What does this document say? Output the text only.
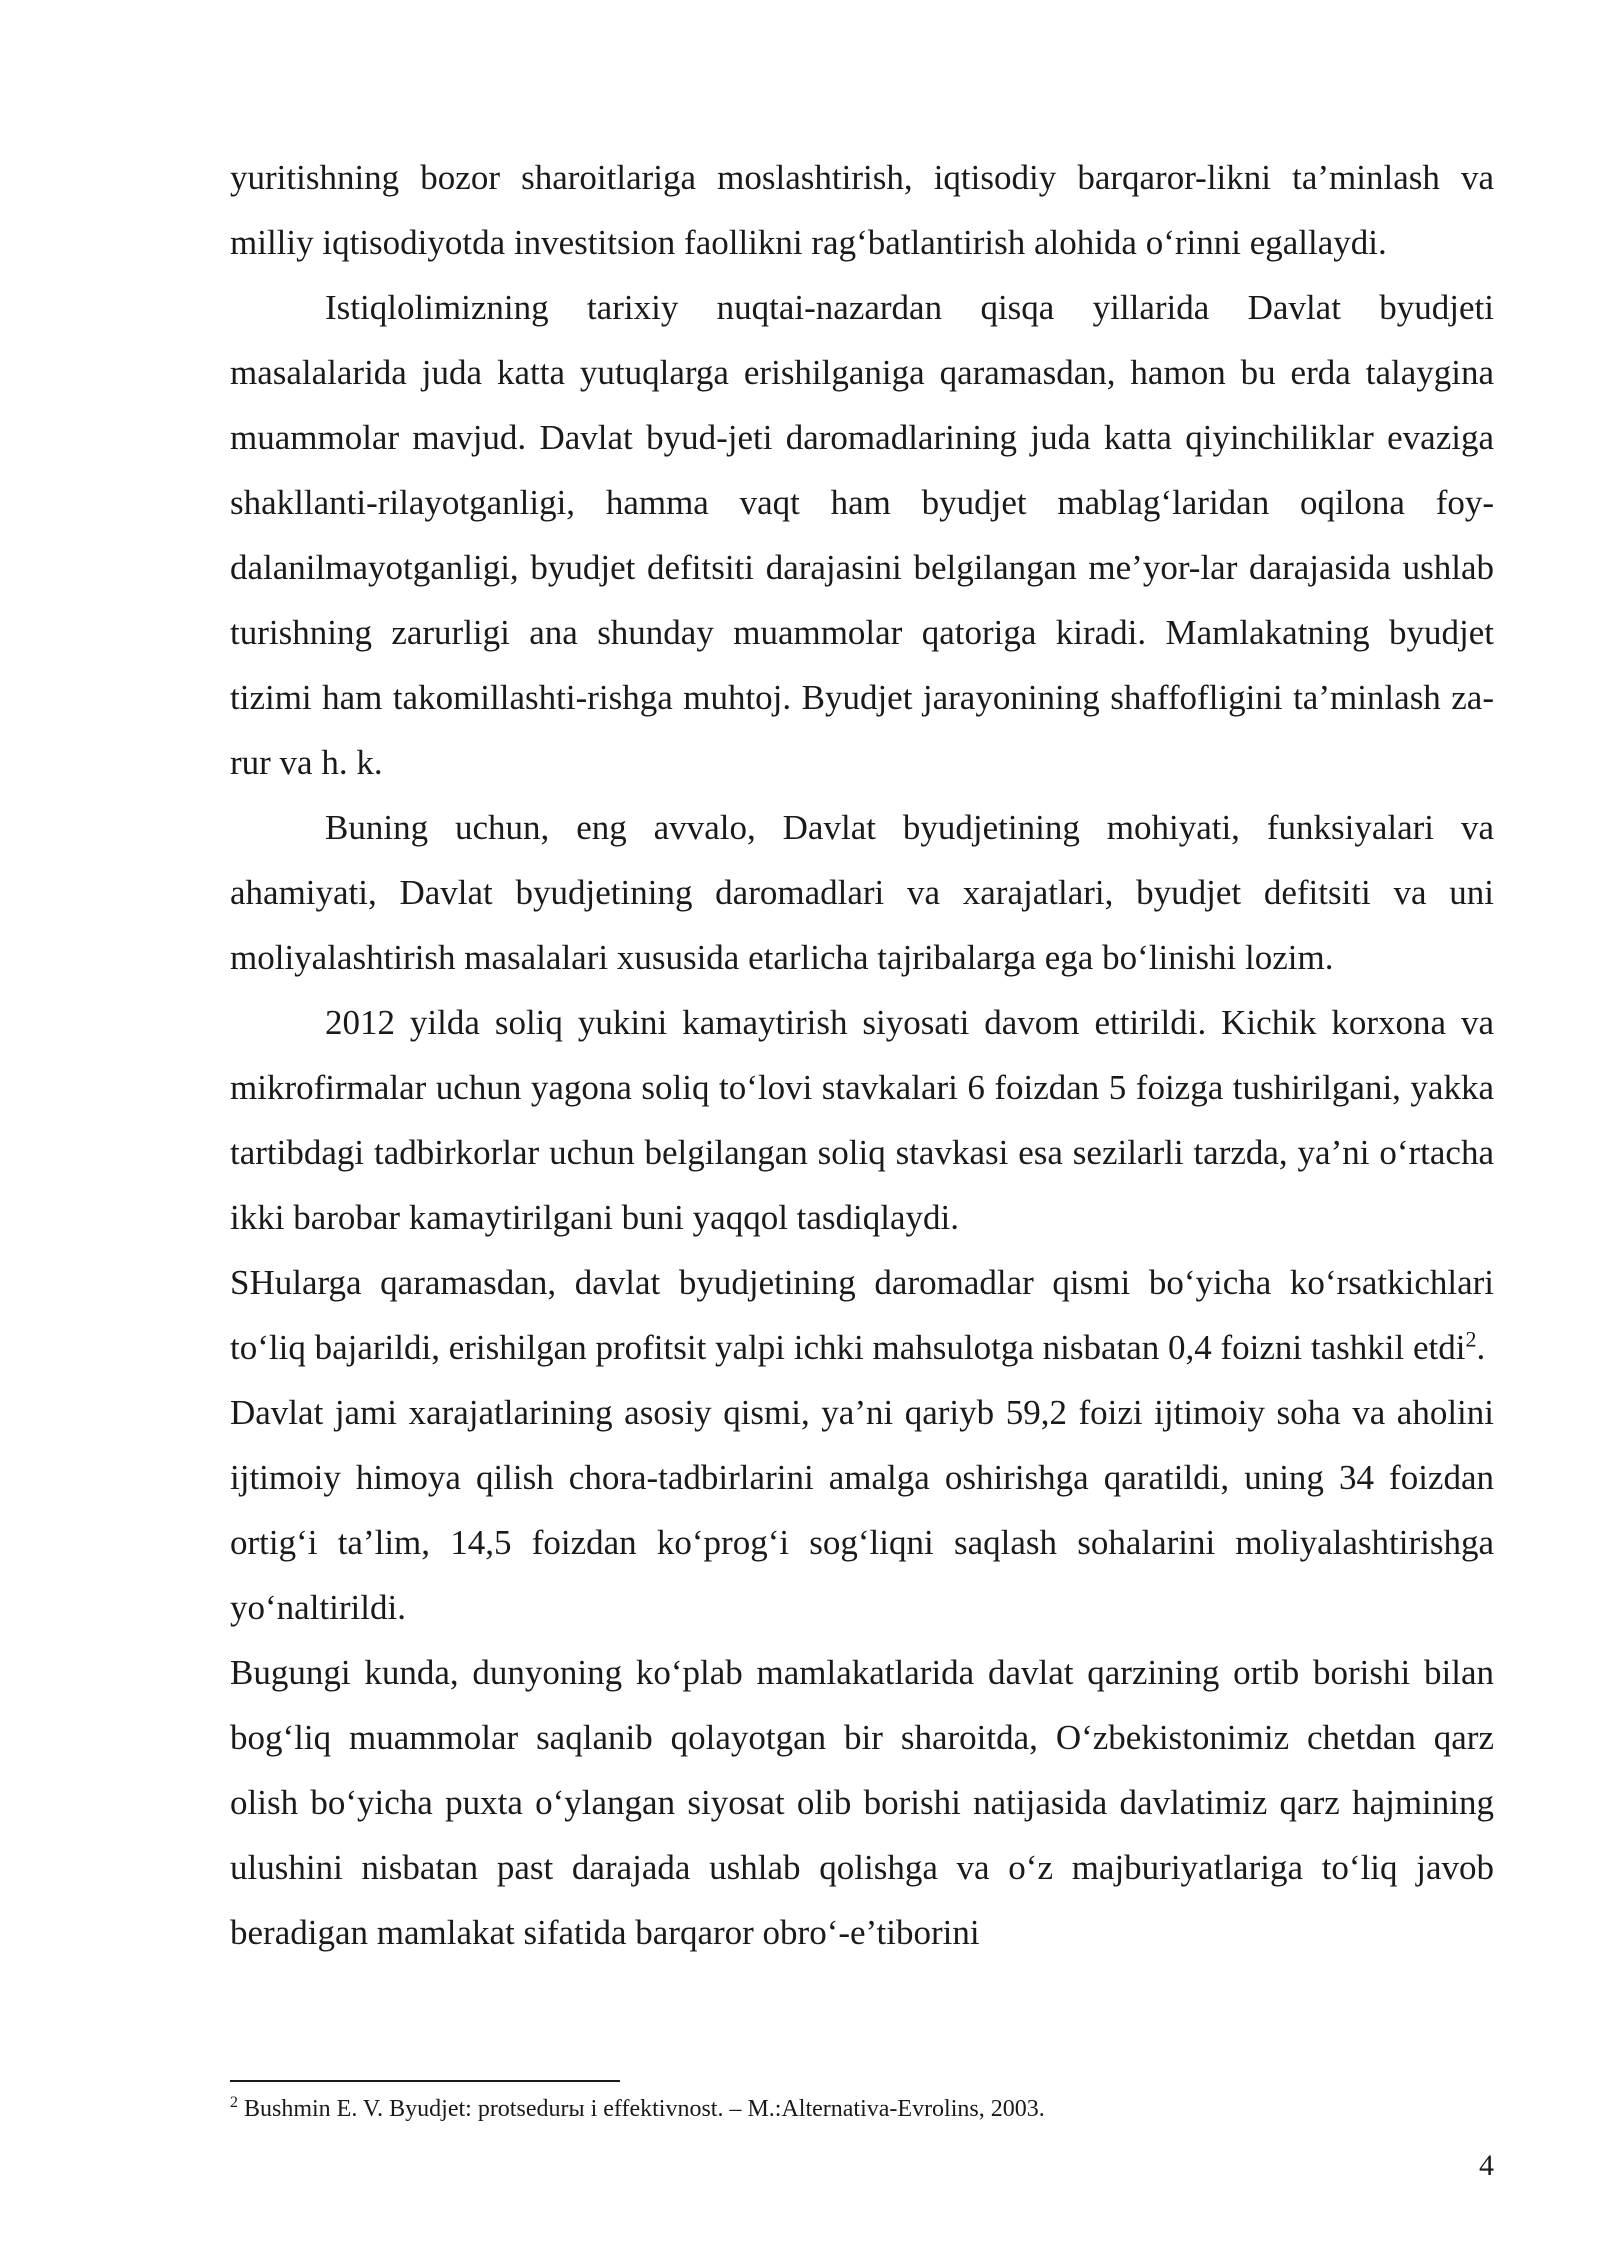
yuritishning bozor sharoitlariga moslashtirish, iqtisodiy barqaror-likni ta’minlash va milliy iqtisodiyotda investitsion faollikni rag‘batlantirish alohida o‘rinni egallaydi.

Istiqlolimizning tarixiy nuqtai-nazardan qisqa yillarida Davlat byudjeti masalalarida juda katta yutuqlarga erishilganiga qaramasdan, hamon bu erda talaygina muammolar mavjud. Davlat byud-jeti daromadlarining juda katta qiyinchiliklar evaziga shakllanti-rilayotganligi, hamma vaqt ham byudjet mablag‘laridan oqilona foy-dalanilmayotganligi, byudjet defitsiti darajasini belgilangan me’yor-lar darajasida ushlab turishning zarurligi ana shunday muammolar qatoriga kiradi. Mamlakatning byudjet tizimi ham takomillashti-rishga muhtoj. Byudjet jarayonining shaffofligini ta’minlash za-rur va h. k.

Buning uchun, eng avvalo, Davlat byudjetining mohiyati, funksiyalari va ahamiyati, Davlat byudjetining daromadlari va xarajatlari, byudjet defitsiti va uni moliyalashtirish masalalari xususida etarlicha tajribalarga ega bo‘linishi lozim.

2012 yilda soliq yukini kamaytirish siyosati davom ettirildi. Kichik korxona va mikrofirmalar uchun yagona soliq to‘lovi stavkalari 6 foizdan 5 foizga tushirilgani, yakka tartibdagi tadbirkorlar uchun belgilangan soliq stavkasi esa sezilarli tarzda, ya’ni o‘rtacha ikki barobar kamaytirilgani buni yaqqol tasdiqlaydi.

SHularga qaramasdan, davlat byudjetining daromadlar qismi bo‘yicha ko‘rsatkichlari to‘liq bajarildi, erishilgan profitsit yalpi ichki mahsulotga nisbatan 0,4 foizni tashkil etdi$^2$.

Davlat jami xarajatlarining asosiy qismi, ya’ni qariyb 59,2 foizi ijtimoiy soha va aholini ijtimoiy himoya qilish chora-tadbirlarini amalga oshirishga qaratildi, uning 34 foizdan ortig‘i ta’lim, 14,5 foizdan ko‘prog‘i sog‘liqni saqlash sohalarini moliyalashtirishga yo‘naltirildi.

Bugungi kunda, dunyoning ko‘plab mamlakatlarida davlat qarzining ortib borishi bilan bog‘liq muammolar saqlanib qolayotgan bir sharoitda, O‘zbekistonimiz chetdan qarz olish bo‘yicha puxta o‘ylangan siyosat olib borishi natijasida davlatimiz qarz hajmining ulushini nisbatan past darajada ushlab qolishga va o‘z majburiyatlariga to‘liq javob beradigan mamlakat sifatida barqaror obro‘-e’tiborini

$^2$ Bushmin E. V. Byudjet: protsedurы i effektivnost. – M.:Alternativa-Evrolins, 2003.
4
